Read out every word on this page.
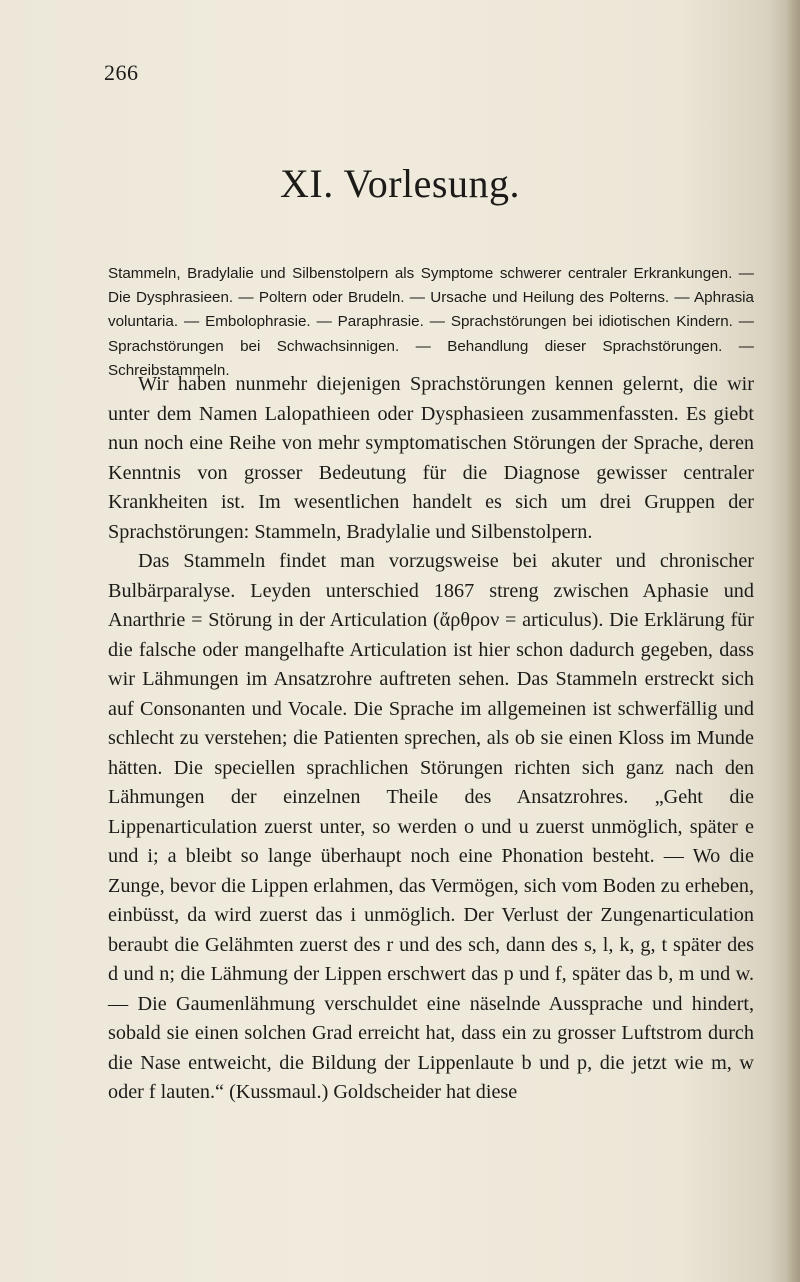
266
XI. Vorlesung.
Stammeln, Bradylalie und Silbenstolpern als Symptome schwerer centraler Erkrankungen. — Die Dysphrasieen. — Poltern oder Brudeln. — Ursache und Heilung des Polterns. — Aphrasia voluntaria. — Embolophrasie. — Paraphrasie. — Sprachstörungen bei idiotischen Kindern. — Sprachstörungen bei Schwachsinnigen. — Behandlung dieser Sprachstörungen. — Schreibstammeln.

Wir haben nunmehr diejenigen Sprachstörungen kennen gelernt, die wir unter dem Namen Lalopathieen oder Dysphasieen zusammenfassten. Es giebt nun noch eine Reihe von mehr symptomatischen Störungen der Sprache, deren Kenntnis von grosser Bedeutung für die Diagnose gewisser centraler Krankheiten ist. Im wesentlichen handelt es sich um drei Gruppen der Sprachstörungen: Stammeln, Bradylalie und Silbenstolpern.

Das Stammeln findet man vorzugsweise bei akuter und chronischer Bulbärparalyse. Leyden unterschied 1867 streng zwischen Aphasie und Anarthrie = Störung in der Articulation (ἄρθρον = articulus). Die Erklärung für die falsche oder mangelhafte Articulation ist hier schon dadurch gegeben, dass wir Lähmungen im Ansatzrohre auftreten sehen. Das Stammeln erstreckt sich auf Consonanten und Vocale. Die Sprache im allgemeinen ist schwerfällig und schlecht zu verstehen; die Patienten sprechen, als ob sie einen Kloss im Munde hätten. Die speciellen sprachlichen Störungen richten sich ganz nach den Lähmungen der einzelnen Theile des Ansatzrohres. „Geht die Lippenarticulation zuerst unter, so werden o und u zuerst unmöglich, später e und i; a bleibt so lange überhaupt noch eine Phonation besteht. — Wo die Zunge, bevor die Lippen erlahmen, das Vermögen, sich vom Boden zu erheben, einbüsst, da wird zuerst das i unmöglich. Der Verlust der Zungenarticulation beraubt die Gelähmten zuerst des r und des sch, dann des s, l, k, g, t später des d und n; die Lähmung der Lippen erschwert das p und f, später das b, m und w. — Die Gaumenlähmung verschuldet eine näselnde Aussprache und hindert, sobald sie einen solchen Grad erreicht hat, dass ein zu grosser Luftstrom durch die Nase entweicht, die Bildung der Lippenlaute b und p, die jetzt wie m, w oder f lauten.“ (Kussmaul.) Goldscheider hat diese
